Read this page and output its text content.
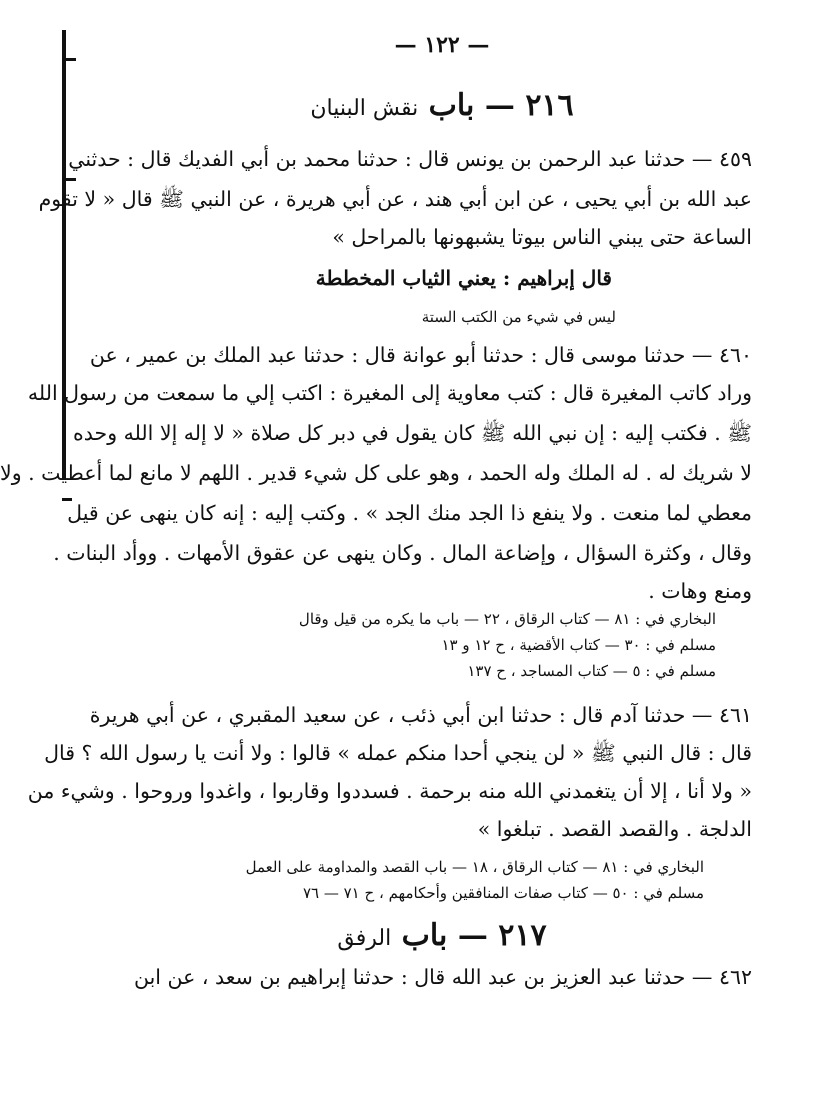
— ١٢٢ —
٢١٦ — باب نقش البنيان
٤٥٩ — حدثنا عبد الرحمن بن يونس قال : حدثنا محمد بن أبي الفديك قال : حدثني
عبد الله بن أبي يحيى ، عن ابن أبي هند ، عن أبي هريرة ، عن النبي ﷺ قال « لا تقوم
الساعة حتى يبني الناس بيوتا يشبهونها بالمراحل »
قال إبراهيم : يعني الثياب المخططة
ليس في شيء من الكتب الستة
٤٦٠ — حدثنا موسى قال : حدثنا أبو عوانة قال : حدثنا عبد الملك بن عمير ، عن
وراد كاتب المغيرة قال : كتب معاوية إلى المغيرة : اكتب إلي ما سمعت من رسول الله
ﷺ . فكتب إليه : إن نبي الله ﷺ كان يقول في دبر كل صلاة « لا إله إلا الله وحده
لا شريك له . له الملك وله الحمد ، وهو على كل شيء قدير . اللهم لا مانع لما أعطيت . ولا
معطي لما منعت . ولا ينفع ذا الجد منك الجد » . وكتب إليه : إنه كان ينهى عن قيل
وقال ، وكثرة السؤال ، وإضاعة المال . وكان ينهى عن عقوق الأمهات . ووأد البنات .
ومنع وهات .
البخاري في : ٨١ — كتاب الرقاق ، ٢٢ — باب ما يكره من قيل وقال
مسلم في : ٣٠ — كتاب الأقضية ، ح ١٢ و ١٣
مسلم في : ٥ — كتاب المساجد ، ح ١٣٧
٤٦١ — حدثنا آدم قال : حدثنا ابن أبي ذئب ، عن سعيد المقبري ، عن أبي هريرة
قال : قال النبي ﷺ « لن ينجي أحدا منكم عمله » قالوا : ولا أنت يا رسول الله ؟ قال
« ولا أنا ، إلا أن يتغمدني الله منه برحمة . فسددوا وقاربوا ، واغدوا وروحوا . وشيء من
الدلجة . والقصد القصد . تبلغوا »
البخاري في : ٨١ — كتاب الرقاق ، ١٨ — باب القصد والمداومة على العمل
مسلم في : ٥٠ — كتاب صفات المنافقين وأحكامهم ، ح ٧١ — ٧٦
٢١٧ — باب الرفق
٤٦٢ — حدثنا عبد العزيز بن عبد الله قال : حدثنا إبراهيم بن سعد ، عن ابن
